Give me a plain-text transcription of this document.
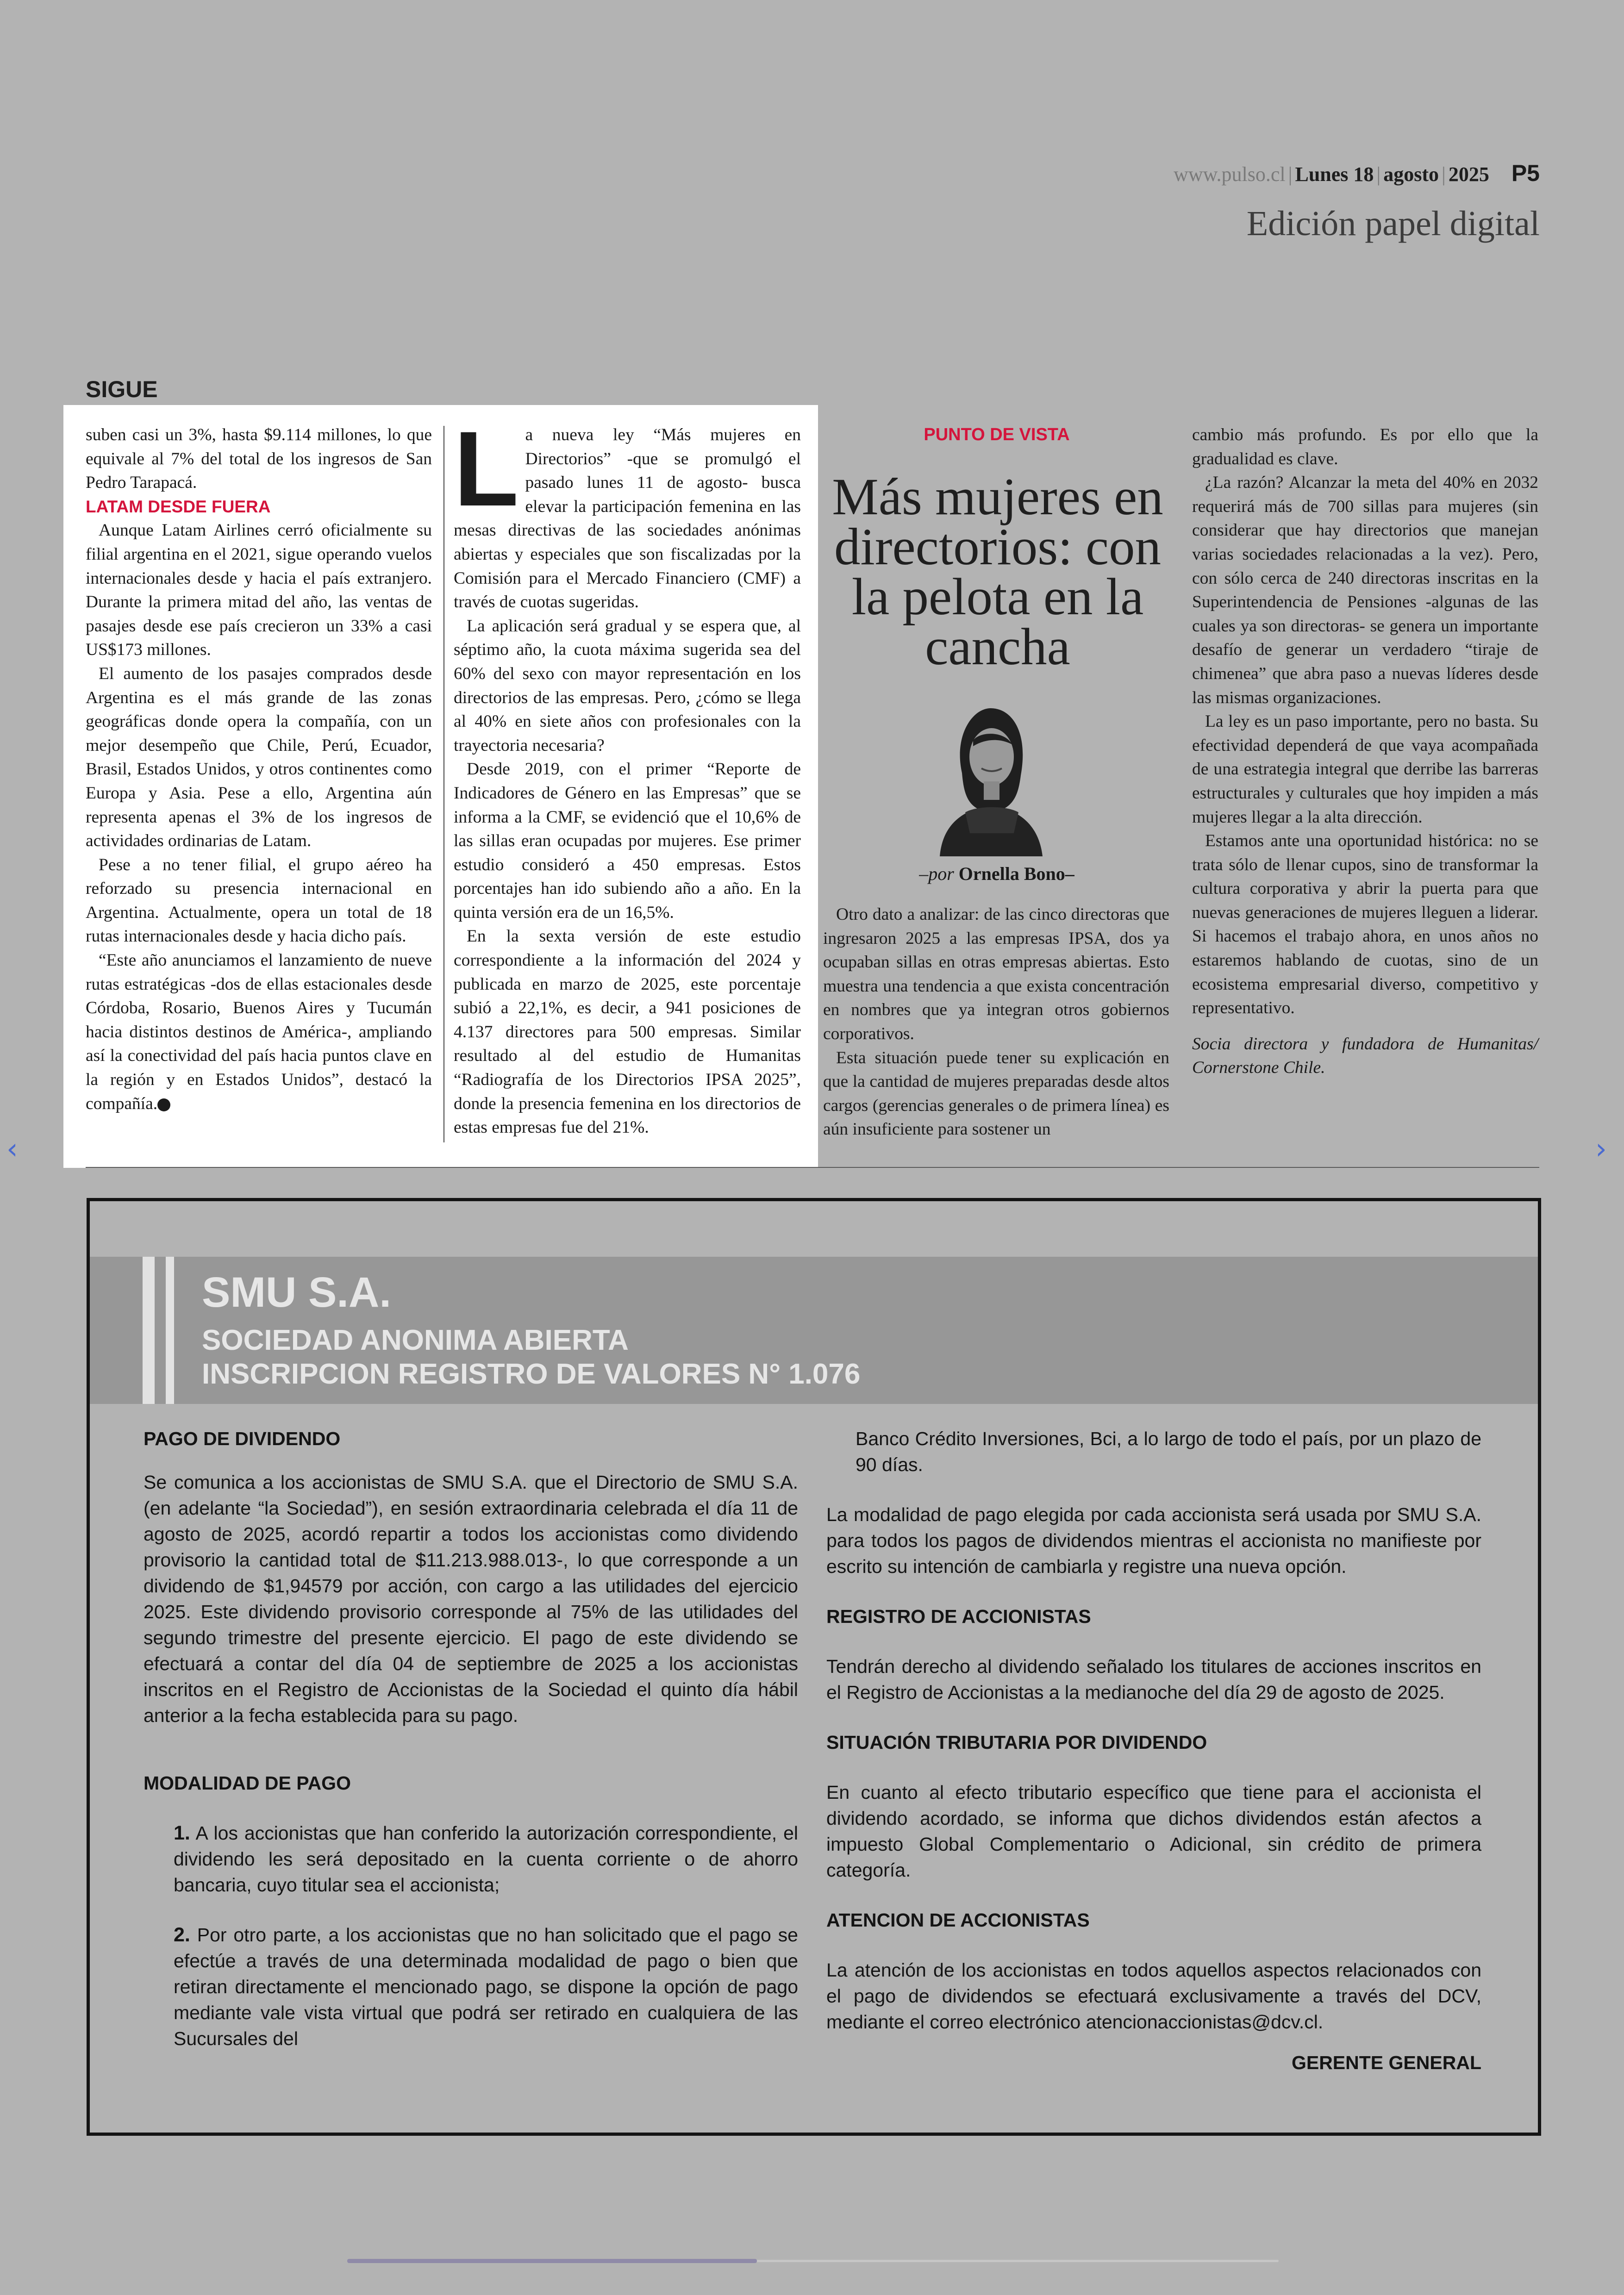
www.pulso.cl | Lunes 18 | agosto | 2025 P5
Edición papel digital
SIGUE

suben casi un 3%, hasta $9.114 millones, lo que equivale al 7% del total de los ingresos de San Pedro Tarapacá.

LATAM DESDE FUERA

Aunque Latam Airlines cerró oficialmente su filial argentina en el 2021, sigue operando vuelos internacionales desde y hacia el país extranjero. Durante la primera mitad del año, las ventas de pasajes desde ese país crecieron un 33% a casi US$173 millones.

El aumento de los pasajes comprados desde Argentina es el más grande de las zonas geográficas donde opera la compañía, con un mejor desempeño que Chile, Perú, Ecuador, Brasil, Estados Unidos, y otros continentes como Europa y Asia. Pese a ello, Argentina aún representa apenas el 3% de los ingresos de actividades ordinarias de Latam.

Pese a no tener filial, el grupo aéreo ha reforzado su presencia internacional en Argentina. Actualmente, opera un total de 18 rutas internacionales desde y hacia dicho país.

“Este año anunciamos el lanzamiento de nueve rutas estratégicas -dos de ellas estacionales desde Córdoba, Rosario, Buenos Aires y Tucumán hacia distintos destinos de América-, ampliando así la conectividad del país hacia puntos clave en la región y en Estados Unidos”, destacó la compañía. P

La nueva ley “Más mujeres en Directorios” -que se promulgó el pasado lunes 11 de agosto- busca elevar la participación femenina en las mesas directivas de las sociedades anónimas abiertas y especiales que son fiscalizadas por la Comisión para el Mercado Financiero (CMF) a través de cuotas sugeridas.

La aplicación será gradual y se espera que, al séptimo año, la cuota máxima sugerida sea del 60% del sexo con mayor representación en los directorios de las empresas. Pero, ¿cómo se llega al 40% en siete años con profesionales con la trayectoria necesaria?

Desde 2019, con el primer “Reporte de Indicadores de Género en las Empresas” que se informa a la CMF, se evidenció que el 10,6% de las sillas eran ocupadas por mujeres. Ese primer estudio consideró a 450 empresas. Estos porcentajes han ido subiendo año a año. En la quinta versión era de un 16,5%.

En la sexta versión de este estudio correspondiente a la información del 2024 y publicada en marzo de 2025, este porcentaje subió a 22,1%, es decir, a 941 posiciones de 4.137 directores para 500 empresas. Similar resultado al del estudio de Humanitas “Radiografía de los Directorios IPSA 2025”, donde la presencia femenina en los directorios de estas empresas fue del 21%.

PUNTO DE VISTA
Más mujeres en directorios: con la pelota en la cancha
–por Ornella Bono–

Otro dato a analizar: de las cinco directoras que ingresaron 2025 a las empresas IPSA, dos ya ocupaban sillas en otras empresas abiertas. Esto muestra una tendencia a que exista concentración en nombres que ya integran otros gobiernos corporativos.

Esta situación puede tener su explicación en que la cantidad de mujeres preparadas desde altos cargos (gerencias generales o de primera línea) es aún insuficiente para sostener un

cambio más profundo. Es por ello que la gradualidad es clave.

¿La razón? Alcanzar la meta del 40% en 2032 requerirá más de 700 sillas para mujeres (sin considerar que hay directorios que manejan varias sociedades relacionadas a la vez). Pero, con sólo cerca de 240 directoras inscritas en la Superintendencia de Pensiones -algunas de las cuales ya son directoras- se genera un importante desafío de generar un verdadero “tiraje de chimenea” que abra paso a nuevas líderes desde las mismas organizaciones.

La ley es un paso importante, pero no basta. Su efectividad dependerá de que vaya acompañada de una estrategia integral que derribe las barreras estructurales y culturales que hoy impiden a más mujeres llegar a la alta dirección.

Estamos ante una oportunidad histórica: no se trata sólo de llenar cupos, sino de transformar la cultura corporativa y abrir la puerta para que nuevas generaciones de mujeres lleguen a liderar. Si hacemos el trabajo ahora, en unos años no estaremos hablando de cuotas, sino de un ecosistema empresarial diverso, competitivo y representativo.

Socia directora y fundadora de Humanitas/ Cornerstone Chile.

‹	›
SMU S.A.
SOCIEDAD ANONIMA ABIERTA
INSCRIPCION REGISTRO DE VALORES N° 1.076

PAGO DE DIVIDENDO

Se comunica a los accionistas de SMU S.A. que el Directorio de SMU S.A. (en adelante “la Sociedad”), en sesión extraordinaria celebrada el día 11 de agosto de 2025, acordó repartir a todos los accionistas como dividendo provisorio la cantidad total de $11.213.988.013-, lo que corresponde a un dividendo de $1,94579 por acción, con cargo a las utilidades del ejercicio 2025. Este dividendo provisorio corresponde al 75% de las utilidades del segundo trimestre del presente ejercicio. El pago de este dividendo se efectuará a contar del día 04 de septiembre de 2025 a los accionistas inscritos en el Registro de Accionistas de la Sociedad el quinto día hábil anterior a la fecha establecida para su pago.

MODALIDAD DE PAGO

1. A los accionistas que han conferido la autorización correspondiente, el dividendo les será depositado en la cuenta corriente o de ahorro bancaria, cuyo titular sea el accionista;

2. Por otro parte, a los accionistas que no han solicitado que el pago se efectúe a través de una determinada modalidad de pago o bien que retiran directamente el mencionado pago, se dispone la opción de pago mediante vale vista virtual que podrá ser retirado en cualquiera de las Sucursales del

Banco Crédito Inversiones, Bci, a lo largo de todo el país, por un plazo de 90 días.

La modalidad de pago elegida por cada accionista será usada por SMU S.A. para todos los pagos de dividendos mientras el accionista no manifieste por escrito su intención de cambiarla y registre una nueva opción.

REGISTRO DE ACCIONISTAS

Tendrán derecho al dividendo señalado los titulares de acciones inscritos en el Registro de Accionistas a la medianoche del día 29 de agosto de 2025.

SITUACIÓN TRIBUTARIA POR DIVIDENDO

En cuanto al efecto tributario específico que tiene para el accionista el dividendo acordado, se informa que dichos dividendos están afectos a impuesto Global Complementario o Adicional, sin crédito de primera categoría.

ATENCION DE ACCIONISTAS

La atención de los accionistas en todos aquellos aspectos relacionados con el pago de dividendos se efectuará exclusivamente a través del DCV, mediante el correo electrónico atencionaccionistas@dcv.cl.

GERENTE GENERAL
